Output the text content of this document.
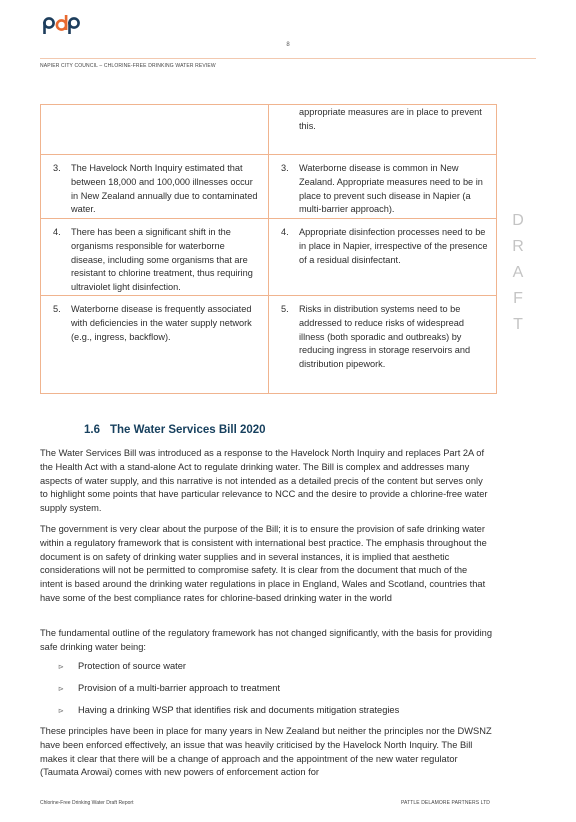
8
NAPIER CITY COUNCIL – CHLORINE-FREE DRINKING WATER REVIEW

	appropriate measures are in place to prevent this.

3. The Havelock North Inquiry estimated that between 18,000 and 100,000 illnesses occur in New Zealand annually due to contaminated water.	3. Waterborne disease is common in New Zealand. Appropriate measures need to be in place to prevent such disease in Napier (a multi-barrier approach).

4. There has been a significant shift in the organisms responsible for waterborne disease, including some organisms that are resistant to chlorine treatment, thus requiring ultraviolet light disinfection.	4. Appropriate disinfection processes need to be in place in Napier, irrespective of the presence of a residual disinfectant.

5. Waterborne disease is frequently associated with deficiencies in the water supply network (e.g., ingress, backflow).	5. Risks in distribution systems need to be addressed to reduce risks of widespread illness (both sporadic and outbreaks) by reducing ingress in storage reservoirs and distribution pipework.
D
R
A
F
T
1.6 The Water Services Bill 2020

The Water Services Bill was introduced as a response to the Havelock North Inquiry and replaces Part 2A of the Health Act with a stand-alone Act to regulate drinking water. The Bill is complex and addresses many aspects of water supply, and this narrative is not intended as a detailed precis of the content but serves only to highlight some points that have particular relevance to NCC and the desire to provide a chlorine-free water supply system.

The government is very clear about the purpose of the Bill; it is to ensure the provision of safe drinking water within a regulatory framework that is consistent with international best practice. The emphasis throughout the document is on safety of drinking water supplies and in several instances, it is implied that aesthetic considerations will not be permitted to compromise safety. It is clear from the document that much of the intent is based around the drinking water regulations in place in England, Wales and Scotland, countries that have some of the best compliance rates for chlorine-based drinking water in the world

The fundamental outline of the regulatory framework has not changed significantly, with the basis for providing safe drinking water being:

⊳	Protection of source water
⊳	Provision of a multi-barrier approach to treatment
⊳	Having a drinking WSP that identifies risk and documents mitigation strategies

These principles have been in place for many years in New Zealand but neither the principles nor the DWSNZ have been enforced effectively, an issue that was heavily criticised by the Havelock North Inquiry. The Bill makes it clear that there will be a change of approach and the appointment of the new water regulator (Taumata Arowai) comes with new powers of enforcement action for

Chlorine-Free Drinking Water Draft Report	PATTLE DELAMORE PARTNERS LTD
